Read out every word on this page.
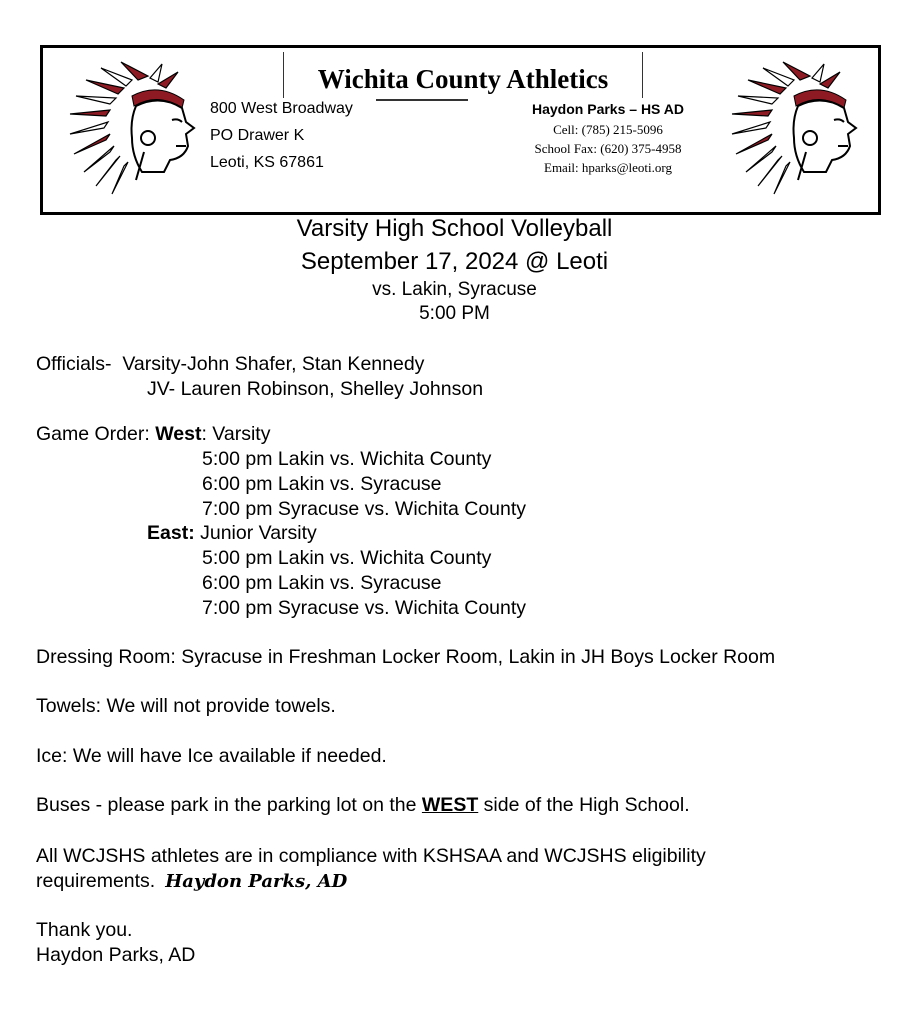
Wichita County Athletics
800 West Broadway
PO Drawer K
Leoti, KS 67861
Haydon Parks – HS AD
Cell: (785) 215-5096
School Fax: (620) 375-4958
Email: hparks@leoti.org
Varsity High School Volleyball
September 17, 2024 @ Leoti
vs. Lakin, Syracuse
5:00 PM
Officials- Varsity-John Shafer, Stan Kennedy
JV- Lauren Robinson, Shelley Johnson
Game Order: West: Varsity
5:00 pm Lakin vs. Wichita County
6:00 pm Lakin vs. Syracuse
7:00 pm Syracuse vs. Wichita County
East: Junior Varsity
5:00 pm Lakin vs. Wichita County
6:00 pm Lakin vs. Syracuse
7:00 pm Syracuse vs. Wichita County
Dressing Room: Syracuse in Freshman Locker Room, Lakin in JH Boys Locker Room
Towels: We will not provide towels.
Ice: We will have Ice available if needed.
Buses - please park in the parking lot on the WEST side of the High School.
All WCJSHS athletes are in compliance with KSHSAA and WCJSHS eligibility
requirements. Haydon Parks, AD
Thank you.
Haydon Parks, AD
